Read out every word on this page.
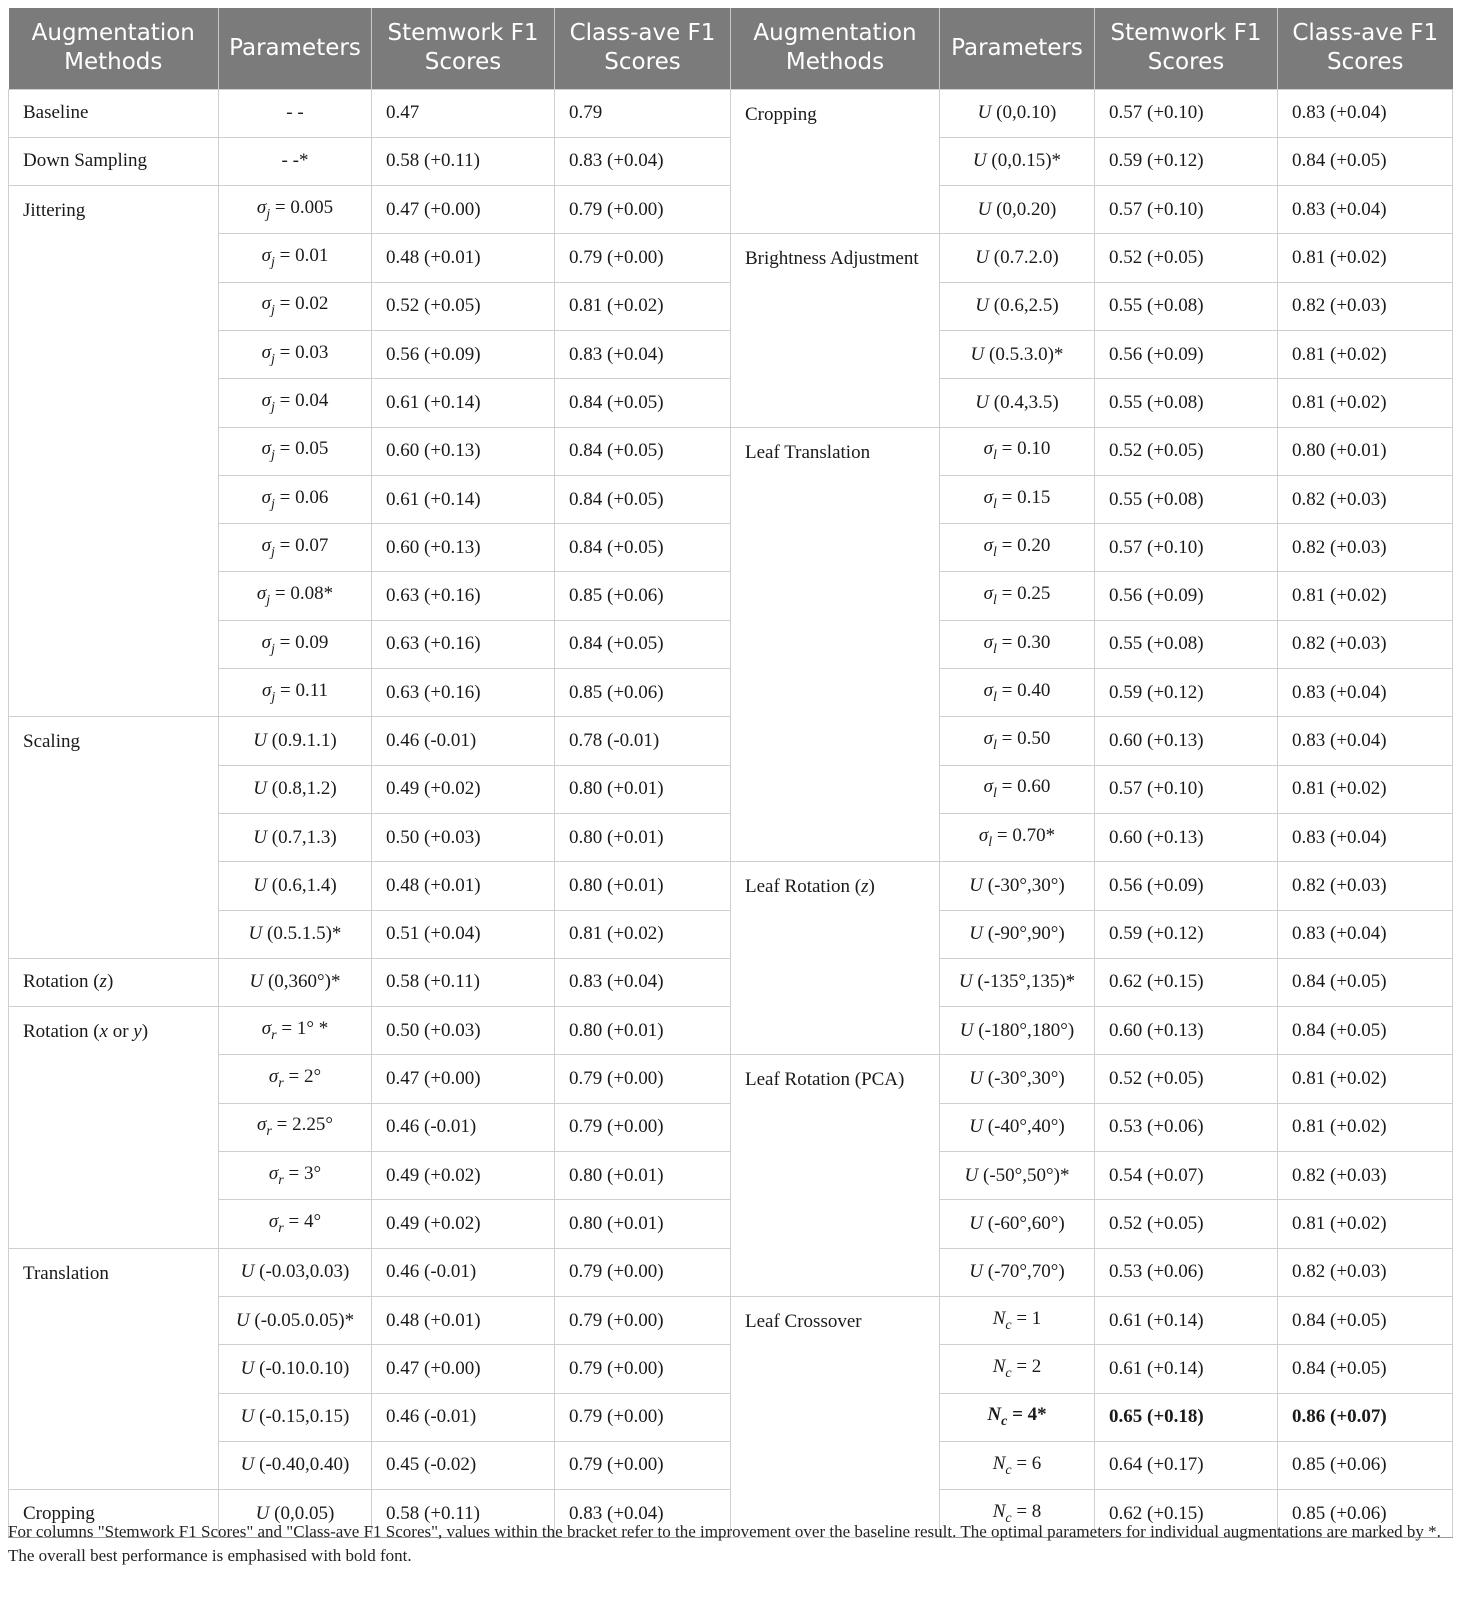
Augmentation Methods	Parameters	Stemwork F1 Scores	Class-ave F1 Scores	Augmentation Methods	Parameters	Stemwork F1 Scores	Class-ave F1 Scores
Baseline	- -	0.47	0.79	Cropping	U (0,0.10)	0.57 (+0.10)	0.83 (+0.04)
Down Sampling	- -*	0.58 (+0.11)	0.83 (+0.04)		U (0,0.15)*	0.59 (+0.12)	0.84 (+0.05)
Jittering	$\sigma_j = 0.005$	0.47 (+0.00)	0.79 (+0.00)		U (0,0.20)	0.57 (+0.10)	0.83 (+0.04)
	$\sigma_j = 0.01$	0.48 (+0.01)	0.79 (+0.00)	Brightness Adjustment	U (0.7.2.0)	0.52 (+0.05)	0.81 (+0.02)
	$\sigma_j = 0.02$	0.52 (+0.05)	0.81 (+0.02)		U (0.6,2.5)	0.55 (+0.08)	0.82 (+0.03)
	$\sigma_j = 0.03$	0.56 (+0.09)	0.83 (+0.04)		U (0.5.3.0)*	0.56 (+0.09)	0.81 (+0.02)
	$\sigma_j = 0.04$	0.61 (+0.14)	0.84 (+0.05)		U (0.4,3.5)	0.55 (+0.08)	0.81 (+0.02)
	$\sigma_j = 0.05$	0.60 (+0.13)	0.84 (+0.05)	Leaf Translation	$\sigma_l = 0.10$	0.52 (+0.05)	0.80 (+0.01)
	$\sigma_j = 0.06$	0.61 (+0.14)	0.84 (+0.05)		$\sigma_l = 0.15$	0.55 (+0.08)	0.82 (+0.03)
	$\sigma_j = 0.07$	0.60 (+0.13)	0.84 (+0.05)		$\sigma_l = 0.20$	0.57 (+0.10)	0.82 (+0.03)
	$\sigma_j = 0.08*$	0.63 (+0.16)	0.85 (+0.06)		$\sigma_l = 0.25$	0.56 (+0.09)	0.81 (+0.02)
	$\sigma_j = 0.09$	0.63 (+0.16)	0.84 (+0.05)		$\sigma_l = 0.30$	0.55 (+0.08)	0.82 (+0.03)
	$\sigma_j = 0.11$	0.63 (+0.16)	0.85 (+0.06)		$\sigma_l = 0.40$	0.59 (+0.12)	0.83 (+0.04)
Scaling	U (0.9.1.1)	0.46 (-0.01)	0.78 (-0.01)		$\sigma_l = 0.50$	0.60 (+0.13)	0.83 (+0.04)
	U (0.8,1.2)	0.49 (+0.02)	0.80 (+0.01)		$\sigma_l = 0.60$	0.57 (+0.10)	0.81 (+0.02)
	U (0.7,1.3)	0.50 (+0.03)	0.80 (+0.01)		$\sigma_l = 0.70*$	0.60 (+0.13)	0.83 (+0.04)
	U (0.6,1.4)	0.48 (+0.01)	0.80 (+0.01)	Leaf Rotation (z)	U (-30°,30°)	0.56 (+0.09)	0.82 (+0.03)
	U (0.5.1.5)*	0.51 (+0.04)	0.81 (+0.02)		U (-90°,90°)	0.59 (+0.12)	0.83 (+0.04)
Rotation (z)	U (0,360°)*	0.58 (+0.11)	0.83 (+0.04)		U (-135°,135)*	0.62 (+0.15)	0.84 (+0.05)
Rotation (x or y)	$\sigma_r = 1^\circ$ *	0.50 (+0.03)	0.80 (+0.01)		U (-180°,180°)	0.60 (+0.13)	0.84 (+0.05)
	$\sigma_r = 2^\circ$	0.47 (+0.00)	0.79 (+0.00)	Leaf Rotation (PCA)	U (-30°,30°)	0.52 (+0.05)	0.81 (+0.02)
	$\sigma_r = 2.25^\circ$	0.46 (-0.01)	0.79 (+0.00)		U (-40°,40°)	0.53 (+0.06)	0.81 (+0.02)
	$\sigma_r = 3^\circ$	0.49 (+0.02)	0.80 (+0.01)		U (-50°,50°)*	0.54 (+0.07)	0.82 (+0.03)
	$\sigma_r = 4^\circ$	0.49 (+0.02)	0.80 (+0.01)		U (-60°,60°)	0.52 (+0.05)	0.81 (+0.02)
Translation	U (-0.03,0.03)	0.46 (-0.01)	0.79 (+0.00)		U (-70°,70°)	0.53 (+0.06)	0.82 (+0.03)
	U (-0.05.0.05)*	0.48 (+0.01)	0.79 (+0.00)	Leaf Crossover	$N_c = 1$	0.61 (+0.14)	0.84 (+0.05)
	U (-0.10.0.10)	0.47 (+0.00)	0.79 (+0.00)		$N_c = 2$	0.61 (+0.14)	0.84 (+0.05)
	U (-0.15,0.15)	0.46 (-0.01)	0.79 (+0.00)		$N_c = 4*$	0.65 (+0.18)	0.86 (+0.07)
	U (-0.40,0.40)	0.45 (-0.02)	0.79 (+0.00)		$N_c = 6$	0.64 (+0.17)	0.85 (+0.06)
Cropping	U (0,0.05)	0.58 (+0.11)	0.83 (+0.04)		$N_c = 8$	0.62 (+0.15)	0.85 (+0.06)
For columns "Stemwork F1 Scores" and "Class-ave F1 Scores", values within the bracket refer to the improvement over the baseline result. The optimal parameters for individual augmentations are marked by *. The overall best performance is emphasised with bold font.
